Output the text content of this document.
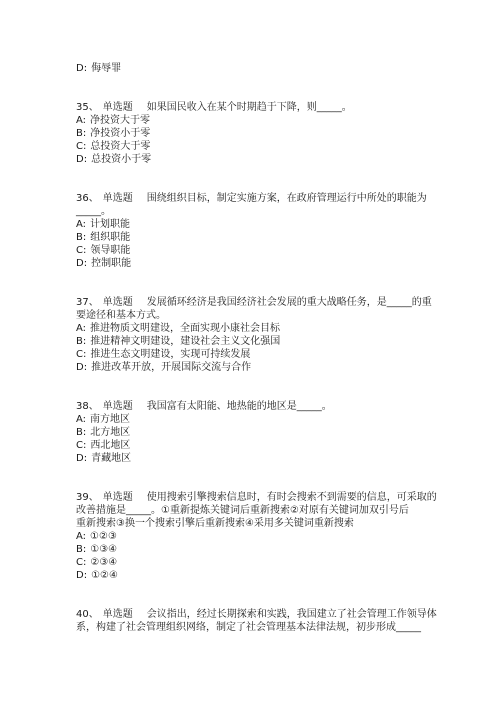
D: 侮辱罪
35、 单选题 如果国民收入在某个时期趋于下降，则_____。
A: 净投资大于零
B: 净投资小于零
C: 总投资大于零
D: 总投资小于零
36、 单选题 围绕组织目标，制定实施方案，在政府管理运行中所处的职能为
_____。
A: 计划职能
B: 组织职能
C: 领导职能
D: 控制职能
37、 单选题 发展循环经济是我国经济社会发展的重大战略任务，是_____的重
要途径和基本方式。
A: 推进物质文明建设，全面实现小康社会目标
B: 推进精神文明建设，建设社会主义文化强国
C: 推进生态文明建设，实现可持续发展
D: 推进改革开放，开展国际交流与合作
38、 单选题 我国富有太阳能、地热能的地区是_____。
A: 南方地区
B: 北方地区
C: 西北地区
D: 青藏地区
39、 单选题 使用搜索引擎搜索信息时，有时会搜索不到需要的信息，可采取的
改善措施是_____。①重新提炼关键词后重新搜索②对原有关键词加双引号后
重新搜索③换一个搜索引擎后重新搜索④采用多关键词重新搜索
A: ①②③
B: ①③④
C: ②③④
D: ①②④
40、 单选题 会议指出，经过长期探索和实践，我国建立了社会管理工作领导体
系，构建了社会管理组织网络，制定了社会管理基本法律法规，初步形成_____
